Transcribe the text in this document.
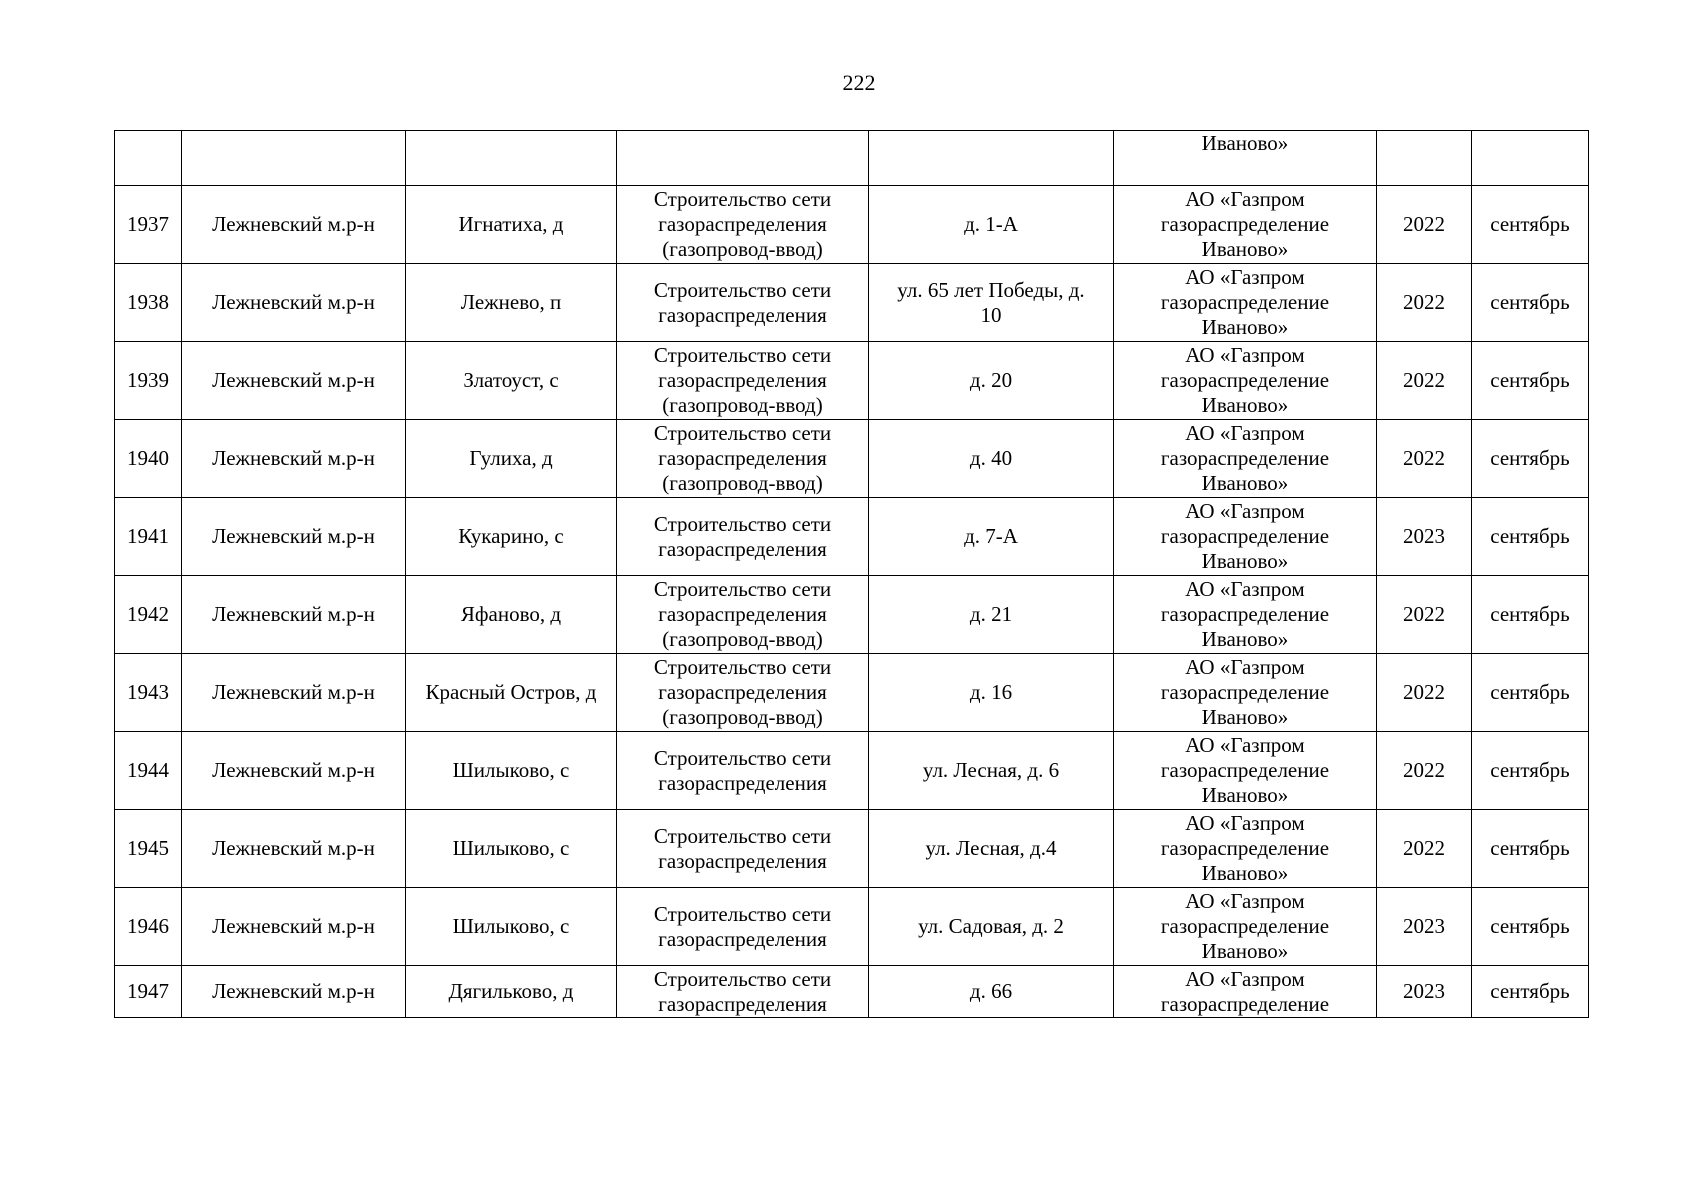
222
					Иваново»		
1937	Лежневский м.р-н	Игнатиха, д	Строительство сети
газораспределения
(газопровод-ввод)	д. 1-А	АО «Газпром
газораспределение
Иваново»	2022	сентябрь
1938	Лежневский м.р-н	Лежнево, п	Строительство сети
газораспределения	ул. 65 лет Победы, д.
10	АО «Газпром
газораспределение
Иваново»	2022	сентябрь
1939	Лежневский м.р-н	Златоуст, с	Строительство сети
газораспределения
(газопровод-ввод)	д. 20	АО «Газпром
газораспределение
Иваново»	2022	сентябрь
1940	Лежневский м.р-н	Гулиха, д	Строительство сети
газораспределения
(газопровод-ввод)	д. 40	АО «Газпром
газораспределение
Иваново»	2022	сентябрь
1941	Лежневский м.р-н	Кукарино, с	Строительство сети
газораспределения	д. 7-А	АО «Газпром
газораспределение
Иваново»	2023	сентябрь
1942	Лежневский м.р-н	Яфаново, д	Строительство сети
газораспределения
(газопровод-ввод)	д. 21	АО «Газпром
газораспределение
Иваново»	2022	сентябрь
1943	Лежневский м.р-н	Красный Остров, д	Строительство сети
газораспределения
(газопровод-ввод)	д. 16	АО «Газпром
газораспределение
Иваново»	2022	сентябрь
1944	Лежневский м.р-н	Шилыково, с	Строительство сети
газораспределения	ул. Лесная, д. 6	АО «Газпром
газораспределение
Иваново»	2022	сентябрь
1945	Лежневский м.р-н	Шилыково, с	Строительство сети
газораспределения	ул. Лесная, д.4	АО «Газпром
газораспределение
Иваново»	2022	сентябрь
1946	Лежневский м.р-н	Шилыково, с	Строительство сети
газораспределения	ул. Садовая, д. 2	АО «Газпром
газораспределение
Иваново»	2023	сентябрь
1947	Лежневский м.р-н	Дягильково, д	Строительство сети
газораспределения	д. 66	АО «Газпром
газораспределение	2023	сентябрь
